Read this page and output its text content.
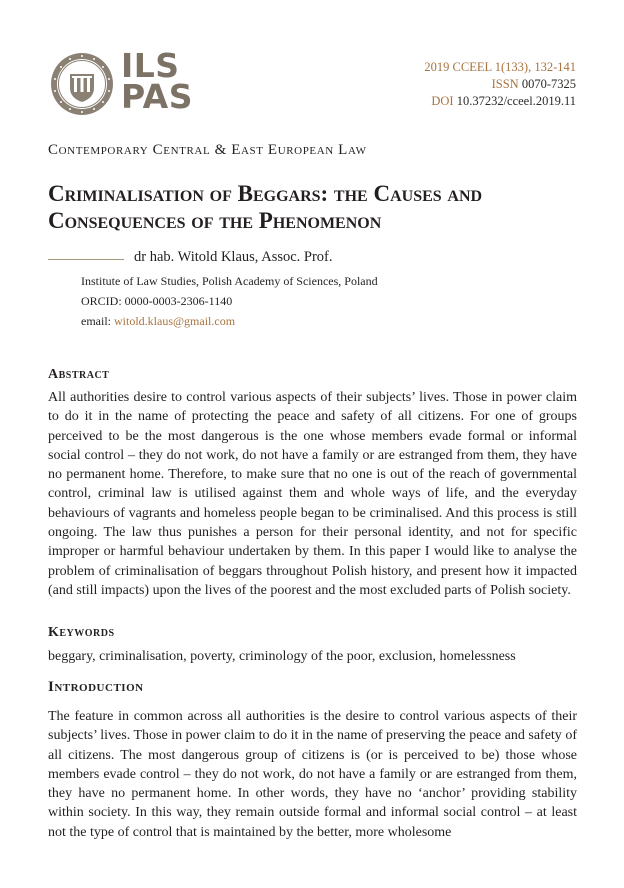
ILS
PAS
2019 CCEEL 1(133), 132-141
ISSN 0070-7325
DOI 10.37232/cceel.2019.11
Contemporary Central & East European Law
Criminalisation of Beggars: the Causes and
Consequences of the Phenomenon
dr hab. Witold Klaus, Assoc. Prof.
Institute of Law Studies, Polish Academy of Sciences, Poland
ORCID: 0000-0003-2306-1140
email: witold.klaus@gmail.com
Abstract
All authorities desire to control various aspects of their subjects’ lives. Those in power claim to do it in the name of protecting the peace and safety of all citizens. For one of groups perceived to be the most dangerous is the one whose members evade formal or informal social control – they do not work, do not have a family or are estranged from them, they have no permanent home. Therefore, to make sure that no one is out of the reach of governmental control, criminal law is utilised against them and whole ways of life, and the everyday behaviours of vagrants and homeless people began to be criminalised. And this process is still ongoing. The law thus punishes a person for their personal identity, and not for specific improper or harmful behaviour undertaken by them. In this paper I would like to analyse the problem of criminalisation of beggars throughout Polish history, and present how it impacted (and still impacts) upon the lives of the poorest and the most excluded parts of Polish society.
Keywords
beggary, criminalisation, poverty, criminology of the poor, exclusion, homelessness
Introduction
The feature in common across all authorities is the desire to control various aspects of their subjects’ lives. Those in power claim to do it in the name of preserving the peace and safety of all citizens. The most dangerous group of citizens is (or is perceived to be) those whose members evade control – they do not work, do not have a family or are estranged from them, they have no permanent home. In other words, they have no ‘anchor’ providing stability within society. In this way, they remain outside formal and informal social control – at least not the type of control that is maintained by the better, more wholesome
